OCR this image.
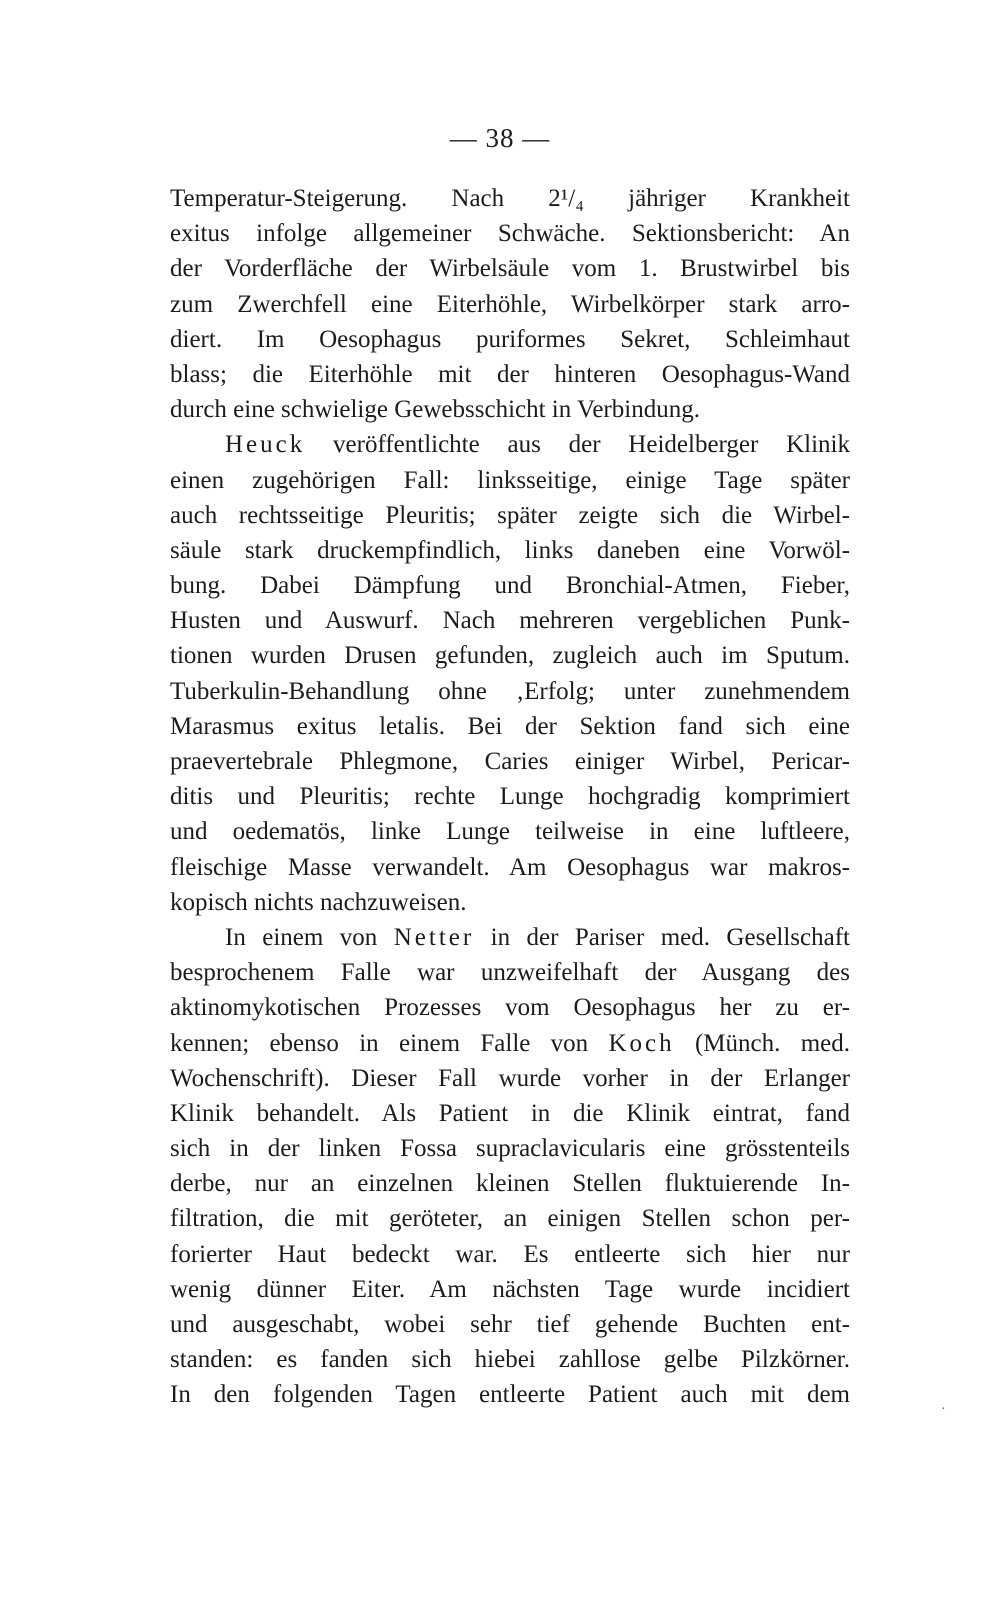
— 38 —
Temperatur-Steigerung. Nach 2¹/₄ jähriger Krankheit
exitus infolge allgemeiner Schwäche. Sektionsbericht: An
der Vorderfläche der Wirbelsäule vom 1. Brustwirbel bis
zum Zwerchfell eine Eiterhöhle, Wirbelkörper stark arro-
diert. Im Oesophagus puriformes Sekret, Schleimhaut
blass; die Eiterhöhle mit der hinteren Oesophagus-Wand
durch eine schwielige Gewebsschicht in Verbindung.
Heuck veröffentlichte aus der Heidelberger Klinik
einen zugehörigen Fall: linksseitige, einige Tage später
auch rechtsseitige Pleuritis; später zeigte sich die Wirbel-
säule stark druckempfindlich, links daneben eine Vorwöl-
bung. Dabei Dämpfung und Bronchial-Atmen, Fieber,
Husten und Auswurf. Nach mehreren vergeblichen Punk-
tionen wurden Drusen gefunden, zugleich auch im Sputum.
Tuberkulin-Behandlung ohne ‚Erfolg; unter zunehmendem
Marasmus exitus letalis. Bei der Sektion fand sich eine
praevertebrale Phlegmone, Caries einiger Wirbel, Pericar-
ditis und Pleuritis; rechte Lunge hochgradig komprimiert
und oedematös, linke Lunge teilweise in eine luftleere,
fleischige Masse verwandelt. Am Oesophagus war makros-
kopisch nichts nachzuweisen.
In einem von Netter in der Pariser med. Gesellschaft
besprochenem Falle war unzweifelhaft der Ausgang des
aktinomykotischen Prozesses vom Oesophagus her zu er-
kennen; ebenso in einem Falle von Koch (Münch. med.
Wochenschrift). Dieser Fall wurde vorher in der Erlanger
Klinik behandelt. Als Patient in die Klinik eintrat, fand
sich in der linken Fossa supraclavicularis eine grösstenteils
derbe, nur an einzelnen kleinen Stellen fluktuierende In-
filtration, die mit geröteter, an einigen Stellen schon per-
forierter Haut bedeckt war. Es entleerte sich hier nur
wenig dünner Eiter. Am nächsten Tage wurde incidiert
und ausgeschabt, wobei sehr tief gehende Buchten ent-
standen: es fanden sich hiebei zahllose gelbe Pilzkörner.
In den folgenden Tagen entleerte Patient auch mit dem
·
